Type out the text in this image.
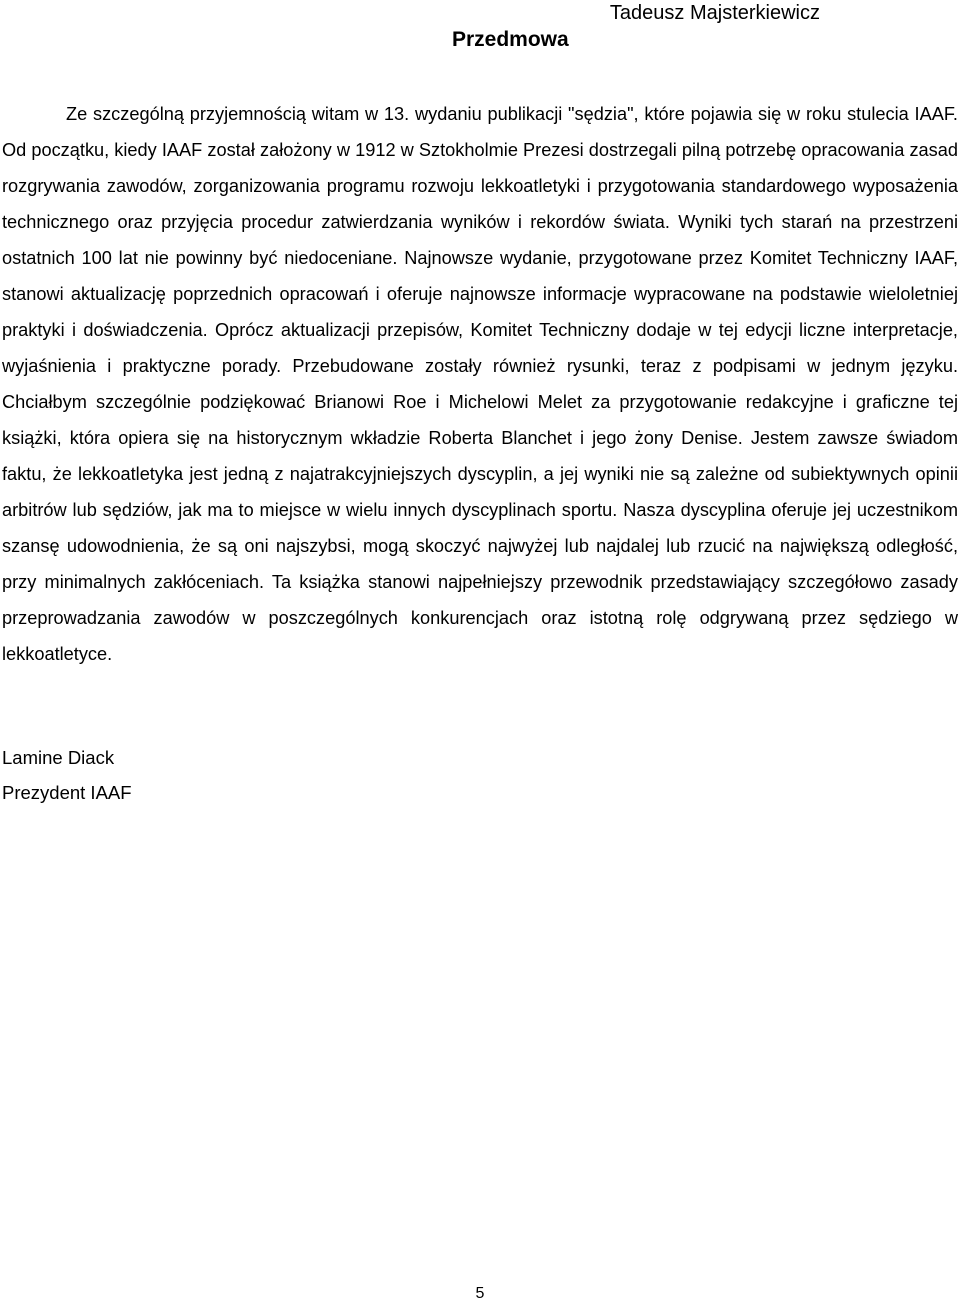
Tadeusz Majsterkiewicz
Przedmowa

Ze szczególną przyjemnością witam w 13. wydaniu publikacji "sędzia", które pojawia się w roku stulecia IAAF. Od początku, kiedy IAAF został założony w 1912 w Sztokholmie Prezesi dostrzegali pilną potrzebę opracowania zasad rozgrywania zawodów, zorganizowania programu rozwoju lekkoatletyki i przygotowania standardowego wyposażenia technicznego oraz przyjęcia procedur zatwierdzania wyników i rekordów świata. Wyniki tych starań na przestrzeni ostatnich 100 lat nie powinny być niedoceniane. Najnowsze wydanie, przygotowane przez Komitet Techniczny IAAF, stanowi aktualizację poprzednich opracowań i oferuje najnowsze informacje wypracowane na podstawie wieloletniej praktyki i doświadczenia. Oprócz aktualizacji przepisów, Komitet Techniczny dodaje w tej edycji liczne interpretacje, wyjaśnienia i praktyczne porady. Przebudowane zostały również rysunki, teraz z podpisami w jednym języku. Chciałbym szczególnie podziękować Brianowi Roe i Michelowi Melet za przygotowanie redakcyjne i graficzne tej książki, która opiera się na historycznym wkładzie Roberta Blanchet i jego żony Denise. Jestem zawsze świadom faktu, że lekkoatletyka jest jedną z najatrakcyjniejszych dyscyplin, a jej wyniki nie są zależne od subiektywnych opinii arbitrów lub sędziów, jak ma to miejsce w wielu innych dyscyplinach sportu. Nasza dyscyplina oferuje jej uczestnikom szansę udowodnienia, że są oni najszybsi, mogą skoczyć najwyżej lub najdalej lub rzucić na największą odległość, przy minimalnych zakłóceniach. Ta książka stanowi najpełniejszy przewodnik przedstawiający szczegółowo zasady przeprowadzania zawodów w poszczególnych konkurencjach oraz istotną rolę odgrywaną przez sędziego w lekkoatletyce.

Lamine Diack
Prezydent IAAF
5
